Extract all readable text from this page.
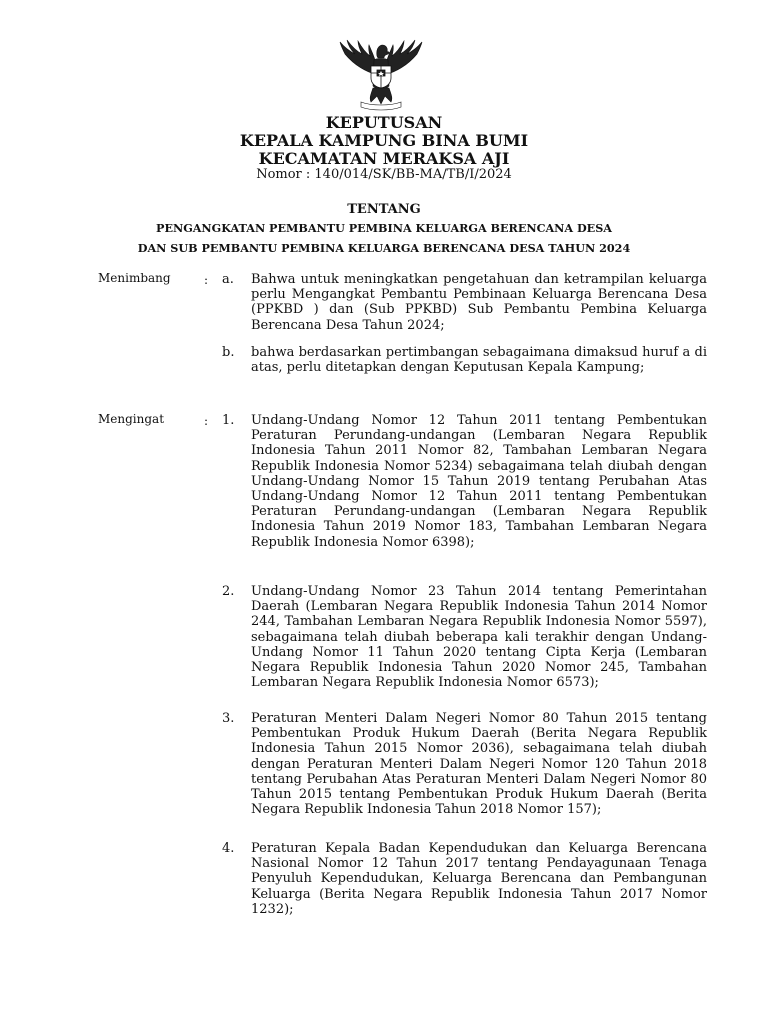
KEPUTUSAN
KEPALA KAMPUNG BINA BUMI
KECAMATAN MERAKSA AJI
Nomor : 140/014/SK/BB-MA/TB/I/2024
TENTANG
PENGANGKATAN PEMBANTU PEMBINA KELUARGA BERENCANA DESA
DAN SUB PEMBANTU PEMBINA KELUARGA BERENCANA DESA TAHUN 2024
Menimbang	: a. Bahwa untuk meningkatkan pengetahuan dan ketrampilan keluarga perlu Mengangkat Pembantu Pembinaan Keluarga Berencana Desa (PPKBD ) dan (Sub PPKBD) Sub Pembantu Pembina Keluarga Berencana Desa Tahun 2024;
b. bahwa berdasarkan pertimbangan sebagaimana dimaksud huruf a di atas, perlu ditetapkan dengan Keputusan Kepala Kampung;
Mengingat	: 1. Undang-Undang Nomor 12 Tahun 2011 tentang Pembentukan Peraturan Perundang-undangan (Lembaran Negara Republik Indonesia Tahun 2011 Nomor 82, Tambahan Lembaran Negara Republik Indonesia Nomor 5234) sebagaimana telah diubah dengan Undang-Undang Nomor 15 Tahun 2019 tentang Perubahan Atas Undang-Undang Nomor 12 Tahun 2011 tentang Pembentukan Peraturan Perundang-undangan (Lembaran Negara Republik Indonesia Tahun 2019 Nomor 183, Tambahan Lembaran Negara Republik Indonesia Nomor 6398);
2. Undang-Undang Nomor 23 Tahun 2014 tentang Pemerintahan Daerah (Lembaran Negara Republik Indonesia Tahun 2014 Nomor 244, Tambahan Lembaran Negara Republik Indonesia Nomor 5597), sebagaimana telah diubah beberapa kali terakhir dengan Undang-Undang Nomor 11 Tahun 2020 tentang Cipta Kerja (Lembaran Negara Republik Indonesia Tahun 2020 Nomor 245, Tambahan Lembaran Negara Republik Indonesia Nomor 6573);
3. Peraturan Menteri Dalam Negeri Nomor 80 Tahun 2015 tentang Pembentukan Produk Hukum Daerah (Berita Negara Republik Indonesia Tahun 2015 Nomor 2036), sebagaimana telah diubah dengan Peraturan Menteri Dalam Negeri Nomor 120 Tahun 2018 tentang Perubahan Atas Peraturan Menteri Dalam Negeri Nomor 80 Tahun 2015 tentang Pembentukan Produk Hukum Daerah (Berita Negara Republik Indonesia Tahun 2018 Nomor 157);
4. Peraturan Kepala Badan Kependudukan dan Keluarga Berencana Nasional Nomor 12 Tahun 2017 tentang Pendayagunaan Tenaga Penyuluh Kependudukan, Keluarga Berencana dan Pembangunan Keluarga (Berita Negara Republik Indonesia Tahun 2017 Nomor 1232);
